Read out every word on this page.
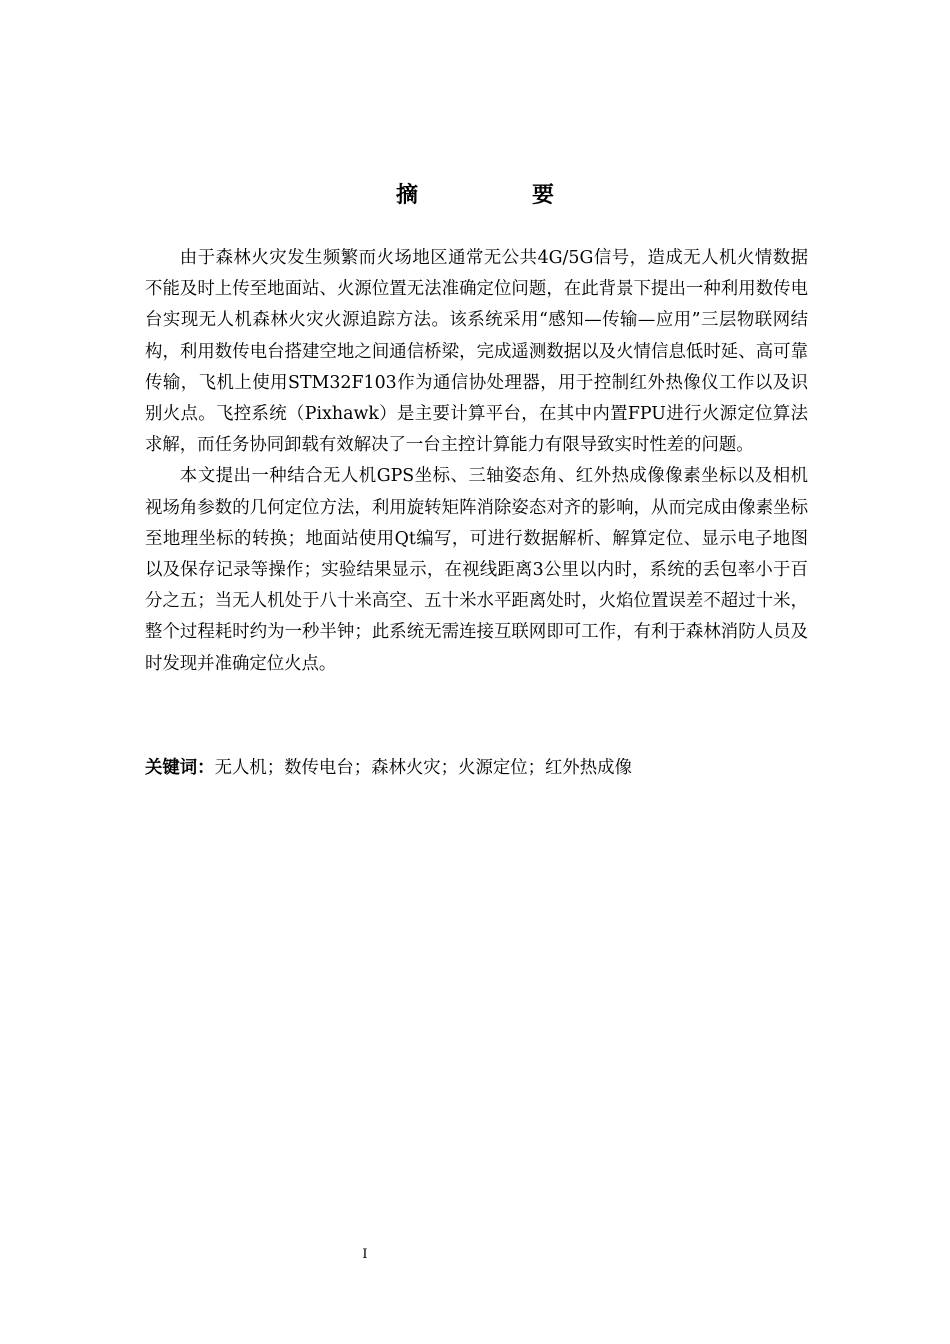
摘　要

由于森林火灾发生频繁而火场地区通常无公共4G/5G信号，造成无人机火情数据不能及时上传至地面站、火源位置无法准确定位问题，在此背景下提出一种利用数传电台实现无人机森林火灾火源追踪方法。该系统采用“感知—传输—应用”三层物联网结构，利用数传电台搭建空地之间通信桥梁，完成遥测数据以及火情信息低时延、高可靠传输，飞机上使用STM32F103作为通信协处理器，用于控制红外热像仪工作以及识别火点。飞控系统（Pixhawk）是主要计算平台，在其中内置FPU进行火源定位算法求解，而任务协同卸载有效解决了一台主控计算能力有限导致实时性差的问题。

本文提出一种结合无人机GPS坐标、三轴姿态角、红外热成像像素坐标以及相机视场角参数的几何定位方法，利用旋转矩阵消除姿态对齐的影响，从而完成由像素坐标至地理坐标的转换；地面站使用Qt编写，可进行数据解析、解算定位、显示电子地图以及保存记录等操作；实验结果显示，在视线距离3公里以内时，系统的丢包率小于百分之五；当无人机处于八十米高空、五十米水平距离处时，火焰位置误差不超过十米，整个过程耗时约为一秒半钟；此系统无需连接互联网即可工作，有利于森林消防人员及时发现并准确定位火点。

关键词：无人机；数传电台；森林火灾；火源定位；红外热成像
I
